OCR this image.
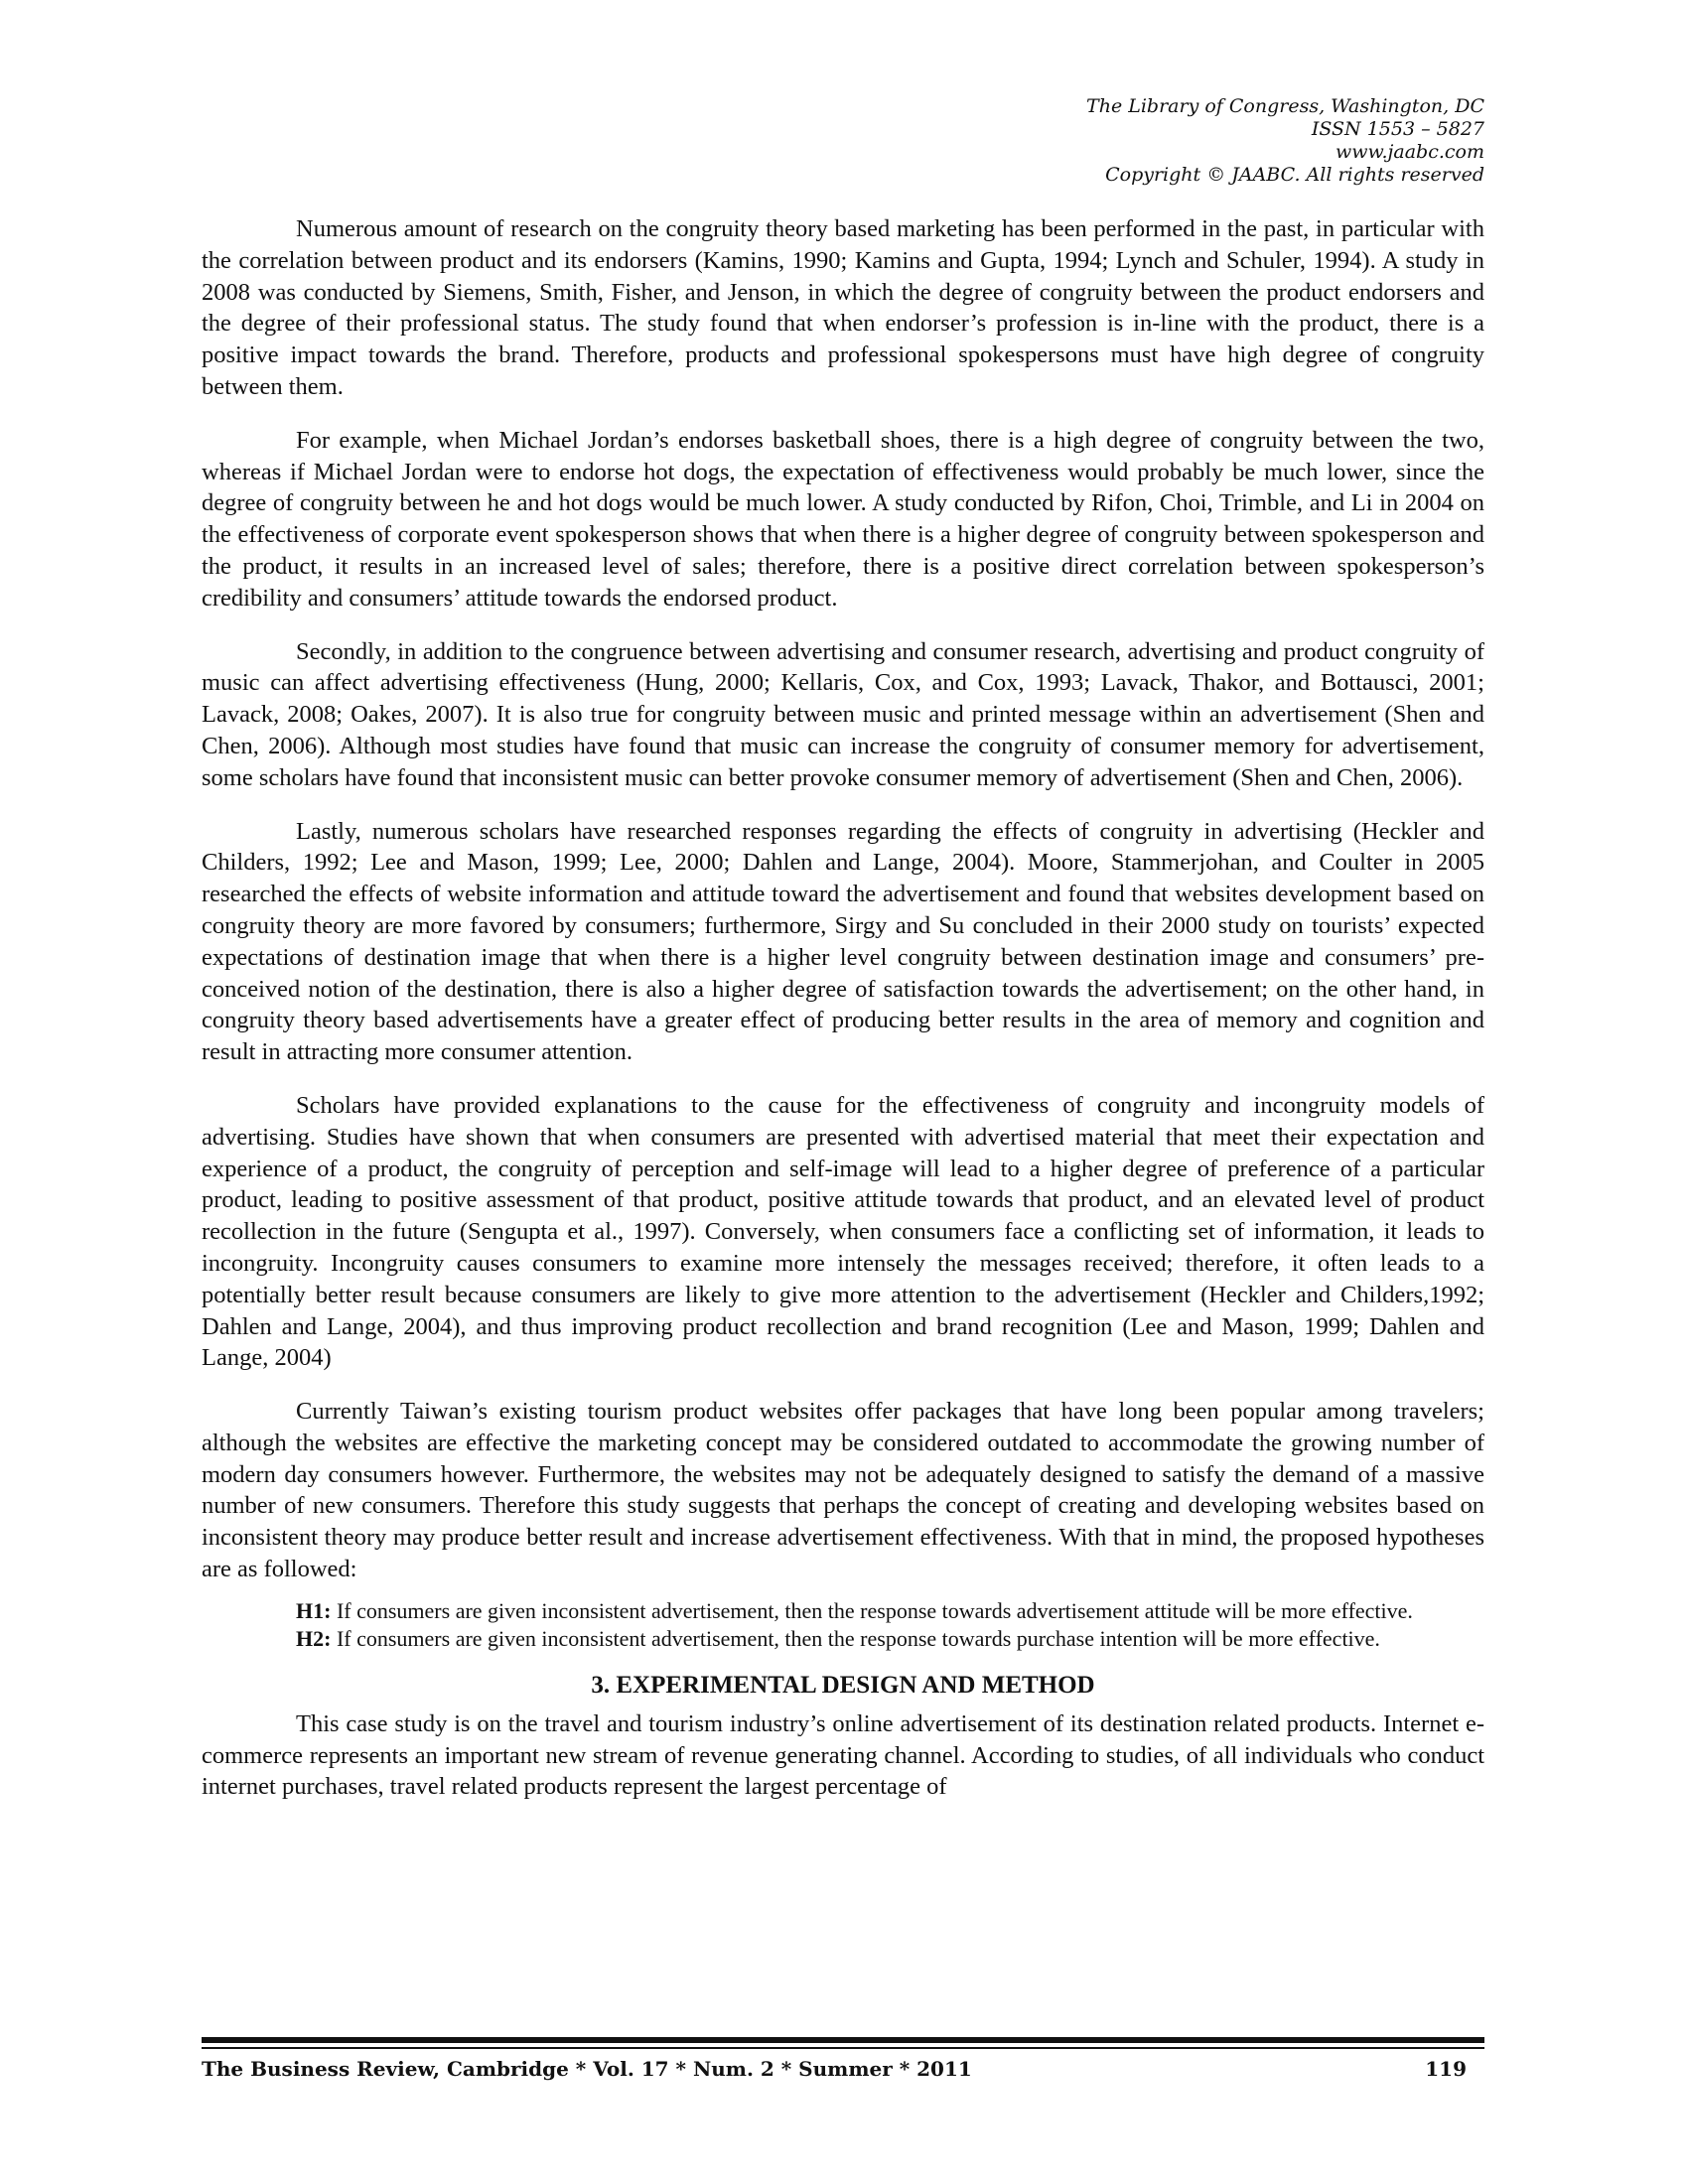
The Library of Congress, Washington, DC
ISSN 1553 – 5827
www.jaabc.com
Copyright © JAABC. All rights reserved

Numerous amount of research on the congruity theory based marketing has been performed in the past, in particular with the correlation between product and its endorsers (Kamins, 1990; Kamins and Gupta, 1994; Lynch and Schuler, 1994). A study in 2008 was conducted by Siemens, Smith, Fisher, and Jenson, in which the degree of congruity between the product endorsers and the degree of their professional status. The study found that when endorser’s profession is in-line with the product, there is a positive impact towards the brand. Therefore, products and professional spokespersons must have high degree of congruity between them.

For example, when Michael Jordan’s endorses basketball shoes, there is a high degree of congruity between the two, whereas if Michael Jordan were to endorse hot dogs, the expectation of effectiveness would probably be much lower, since the degree of congruity between he and hot dogs would be much lower. A study conducted by Rifon, Choi, Trimble, and Li in 2004 on the effectiveness of corporate event spokesperson shows that when there is a higher degree of congruity between spokesperson and the product, it results in an increased level of sales; therefore, there is a positive direct correlation between spokesperson’s credibility and consumers’ attitude towards the endorsed product.

Secondly, in addition to the congruence between advertising and consumer research, advertising and product congruity of music can affect advertising effectiveness (Hung, 2000; Kellaris, Cox, and Cox, 1993; Lavack, Thakor, and Bottausci, 2001; Lavack, 2008; Oakes, 2007). It is also true for congruity between music and printed message within an advertisement (Shen and Chen, 2006). Although most studies have found that music can increase the congruity of consumer memory for advertisement, some scholars have found that inconsistent music can better provoke consumer memory of advertisement (Shen and Chen, 2006).

Lastly, numerous scholars have researched responses regarding the effects of congruity in advertising (Heckler and Childers, 1992; Lee and Mason, 1999; Lee, 2000; Dahlen and Lange, 2004). Moore, Stammerjohan, and Coulter in 2005 researched the effects of website information and attitude toward the advertisement and found that websites development based on congruity theory are more favored by consumers; furthermore, Sirgy and Su concluded in their 2000 study on tourists’ expected expectations of destination image that when there is a higher level congruity between destination image and consumers’ pre-conceived notion of the destination, there is also a higher degree of satisfaction towards the advertisement; on the other hand, in congruity theory based advertisements have a greater effect of producing better results in the area of memory and cognition and result in attracting more consumer attention.

Scholars have provided explanations to the cause for the effectiveness of congruity and incongruity models of advertising. Studies have shown that when consumers are presented with advertised material that meet their expectation and experience of a product, the congruity of perception and self-image will lead to a higher degree of preference of a particular product, leading to positive assessment of that product, positive attitude towards that product, and an elevated level of product recollection in the future (Sengupta et al., 1997). Conversely, when consumers face a conflicting set of information, it leads to incongruity. Incongruity causes consumers to examine more intensely the messages received; therefore, it often leads to a potentially better result because consumers are likely to give more attention to the advertisement (Heckler and Childers,1992; Dahlen and Lange, 2004), and thus improving product recollection and brand recognition (Lee and Mason, 1999; Dahlen and Lange, 2004)

Currently Taiwan’s existing tourism product websites offer packages that have long been popular among travelers; although the websites are effective the marketing concept may be considered outdated to accommodate the growing number of modern day consumers however. Furthermore, the websites may not be adequately designed to satisfy the demand of a massive number of new consumers. Therefore this study suggests that perhaps the concept of creating and developing websites based on inconsistent theory may produce better result and increase advertisement effectiveness. With that in mind, the proposed hypotheses are as followed:

H1: If consumers are given inconsistent advertisement, then the response towards advertisement attitude will be more effective.
H2: If consumers are given inconsistent advertisement, then the response towards purchase intention will be more effective.
3. EXPERIMENTAL DESIGN AND METHOD

This case study is on the travel and tourism industry’s online advertisement of its destination related products. Internet e-commerce represents an important new stream of revenue generating channel. According to studies, of all individuals who conduct internet purchases, travel related products represent the largest percentage of

The Business Review, Cambridge * Vol. 17 * Num. 2 * Summer * 2011	119
